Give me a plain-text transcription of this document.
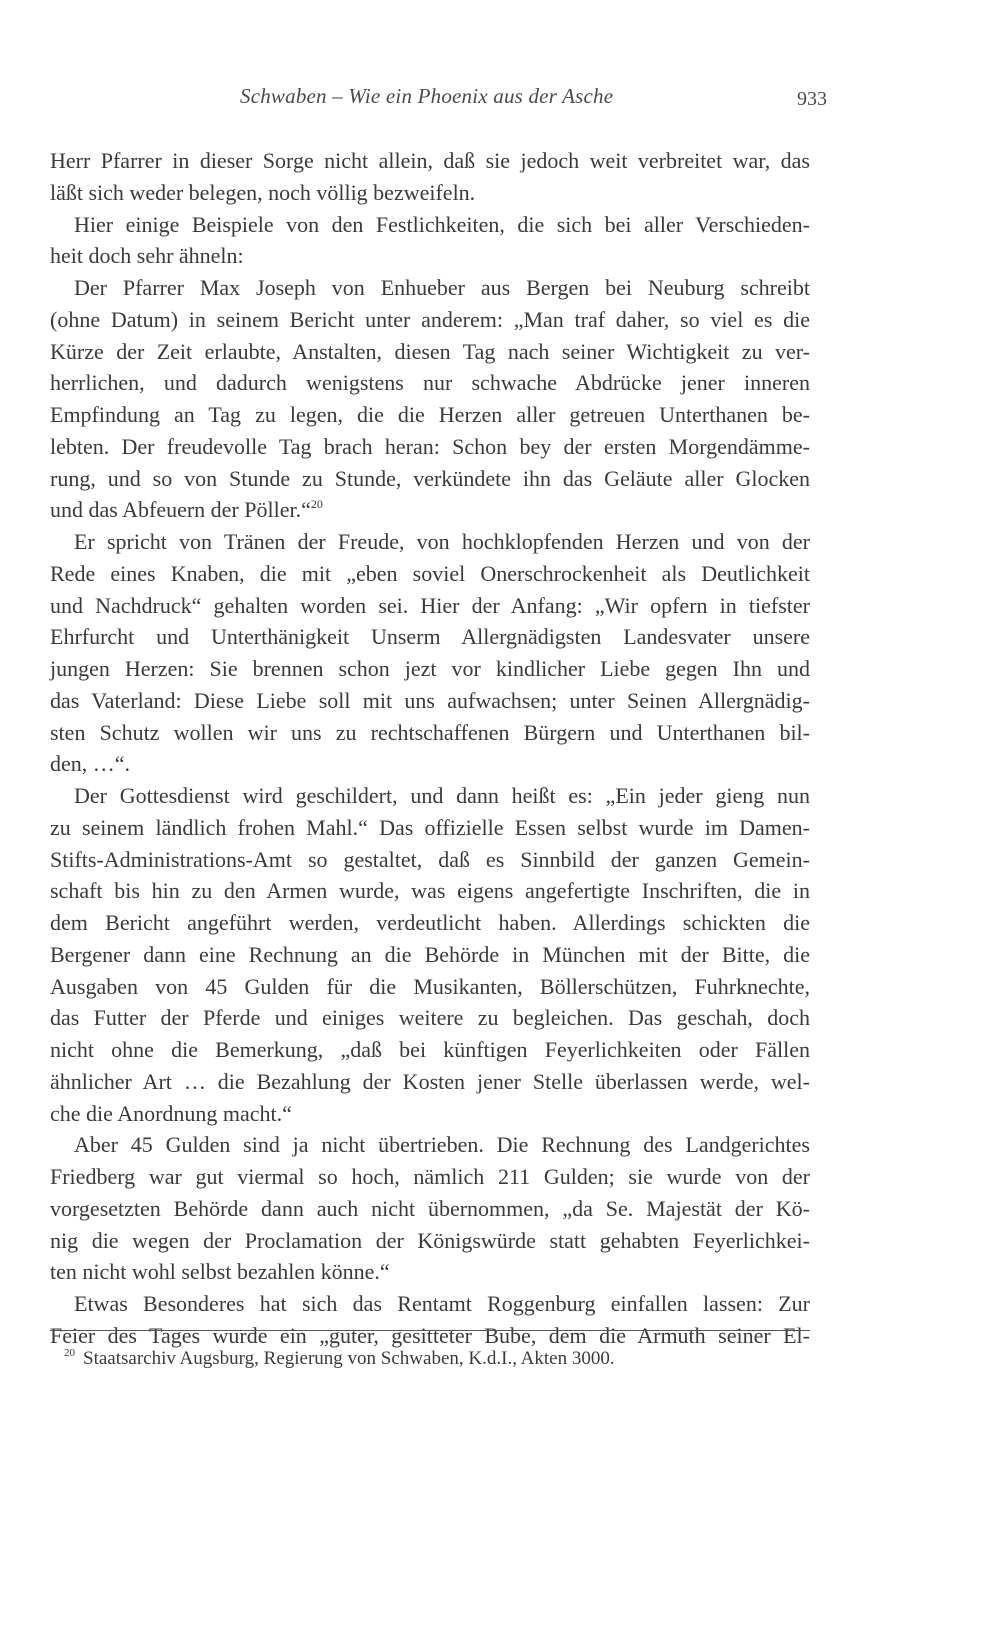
Schwaben – Wie ein Phoenix aus der Asche	933
Herr Pfarrer in dieser Sorge nicht allein, daß sie jedoch weit verbreitet war, das
läßt sich weder belegen, noch völlig bezweifeln.
Hier einige Beispiele von den Festlichkeiten, die sich bei aller Verschieden-
heit doch sehr ähneln:
Der Pfarrer Max Joseph von Enhueber aus Bergen bei Neuburg schreibt
(ohne Datum) in seinem Bericht unter anderem: „Man traf daher, so viel es die
Kürze der Zeit erlaubte, Anstalten, diesen Tag nach seiner Wichtigkeit zu ver-
herrlichen, und dadurch wenigstens nur schwache Abdrücke jener inneren
Empfindung an Tag zu legen, die die Herzen aller getreuen Unterthanen be-
lebten. Der freudevolle Tag brach heran: Schon bey der ersten Morgendämme-
rung, und so von Stunde zu Stunde, verkündete ihn das Geläute aller Glocken
und das Abfeuern der Pöller.“$^{20}$
Er spricht von Tränen der Freude, von hochklopfenden Herzen und von der
Rede eines Knaben, die mit „eben soviel Onerschrockenheit als Deutlichkeit
und Nachdruck“ gehalten worden sei. Hier der Anfang: „Wir opfern in tiefster
Ehrfurcht und Unterthänigkeit Unserm Allergnädigsten Landesvater unsere
jungen Herzen: Sie brennen schon jezt vor kindlicher Liebe gegen Ihn und
das Vaterland: Diese Liebe soll mit uns aufwachsen; unter Seinen Allergnädig-
sten Schutz wollen wir uns zu rechtschaffenen Bürgern und Unterthanen bil-
den, …“.
Der Gottesdienst wird geschildert, und dann heißt es: „Ein jeder gieng nun
zu seinem ländlich frohen Mahl.“ Das offizielle Essen selbst wurde im Damen-
Stifts-Administrations-Amt so gestaltet, daß es Sinnbild der ganzen Gemein-
schaft bis hin zu den Armen wurde, was eigens angefertigte Inschriften, die in
dem Bericht angeführt werden, verdeutlicht haben. Allerdings schickten die
Bergener dann eine Rechnung an die Behörde in München mit der Bitte, die
Ausgaben von 45 Gulden für die Musikanten, Böllerschützen, Fuhrknechte,
das Futter der Pferde und einiges weitere zu begleichen. Das geschah, doch
nicht ohne die Bemerkung, „daß bei künftigen Feyerlichkeiten oder Fällen
ähnlicher Art … die Bezahlung der Kosten jener Stelle überlassen werde, wel-
che die Anordnung macht.“
Aber 45 Gulden sind ja nicht übertrieben. Die Rechnung des Landgerichtes
Friedberg war gut viermal so hoch, nämlich 211 Gulden; sie wurde von der
vorgesetzten Behörde dann auch nicht übernommen, „da Se. Majestät der Kö-
nig die wegen der Proclamation der Königswürde statt gehabten Feyerlichkei-
ten nicht wohl selbst bezahlen könne.“
Etwas Besonderes hat sich das Rentamt Roggenburg einfallen lassen: Zur
Feier des Tages wurde ein „guter, gesitteter Bube, dem die Armuth seiner El-
$^{20}$ Staatsarchiv Augsburg, Regierung von Schwaben, K.d.I., Akten 3000.
